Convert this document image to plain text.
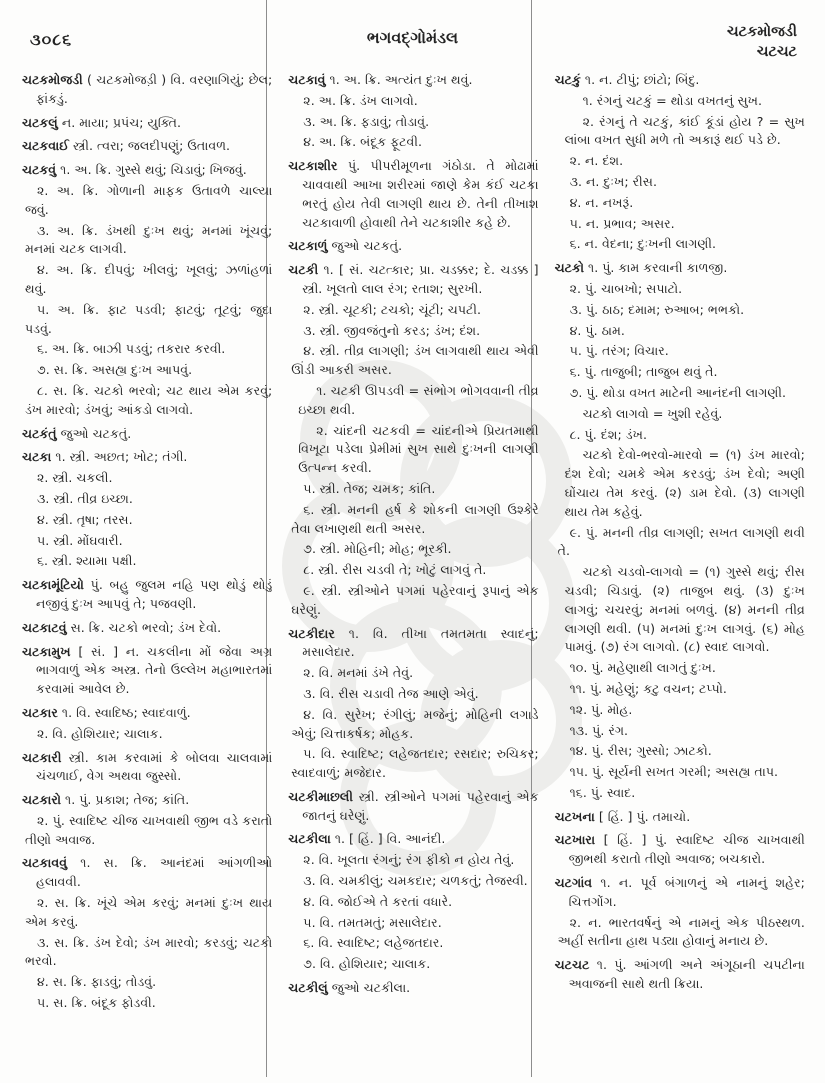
૩૦૮૬	ભગવદ્ગોમંડલ	ચટકમોજડી
ચટચટ

ચટકમોજડી ( ચટકમોજડ઼ી ) વિ. વરણાગિયું; છેલ; ફાંકડું.

ચટકલું ન. માયા; પ્રપંચ; યુક્તિ.

ચટકવાઈ સ્ત્રી. ત્વરા; જલદીપણું; ઉતાવળ.

ચટકવું ૧. અ. ક્રિ. ગુસ્સે થવું; ચિડાવું; ખિજવું.

૨. અ. ક્રિ. ગોળાની માફક ઉતાવળે ચાલ્યા જવું.

૩. અ. ક્રિ. ડંખથી દુઃખ થવું; મનમાં ખૂંચવું; મનમાં ચટક લાગવી.

૪. અ. ક્રિ. દીપવું; ખીલવું; ખૂલવું; ઝળાંહળાં થવું.

૫. અ. ક્રિ. ફાટ પડવી; ફાટવું; તૂટવું; જુદા પડવું.

૬. અ. ક્રિ. બાઝી પડવું; તકરાર કરવી.

૭. સ. ક્રિ. અસહ્ય દુઃખ આપવું.

૮. સ. ક્રિ. ચટકો ભરવો; ચટ થાય એમ કરવું; ડંખ મારવો; ડંખવું; આંકડો લાગવો.

ચટકંતું જુઓ ચટકતું.

ચટકા ૧. સ્ત્રી. અછત; ખોટ; તંગી.

૨. સ્ત્રી. ચકલી.

૩. સ્ત્રી. તીવ્ર ઇચ્છા.

૪. સ્ત્રી. તૃષા; તરસ.

૫. સ્ત્રી. મોંઘવારી.

૬. સ્ત્રી. શ્યામા પક્ષી.

ચટકામૂંટિયો પું. બહુ જુલમ નહિ પણ થોડું થોડું નજીવું દુઃખ આપવું તે; પજવણી.

ચટકાટવું સ. ક્રિ. ચટકો ભરવો; ડંખ દેવો.

ચટકામુખ [ સં. ] ન. ચકલીના મોં જેવા અગ્ર ભાગવાળું એક અસ્ત્ર. તેનો ઉલ્લેખ મહાભારતમાં કરવામાં આવેલ છે.

ચટકાર ૧. વિ. સ્વાદિષ્ઠ; સ્વાદવાળું.

૨. વિ. હોશિયાર; ચાલાક.

ચટકારી સ્ત્રી. કામ કરવામાં કે બોલવા ચાલવામાં ચંચળાઈ, વેગ અથવા જુસ્સો.

ચટકારો ૧. પું. પ્રકાશ; તેજ; કાંતિ.

૨. પું. સ્વાદિષ્ટ ચીજ ચાખવાથી જીભ વડે કરાતો તીણો અવાજ.

ચટકાવવું ૧. સ. ક્રિ. આનંદમાં આંગળીઓ હલાવવી.

૨. સ. ક્રિ. ખૂંચે એમ કરવું; મનમાં દુઃખ થાય એમ કરવું.

૩. સ. ક્રિ. ડંખ દેવો; ડંખ મારવો; કરડવું; ચટકો ભરવો.

૪. સ. ક્રિ. ફાડવું; તોડવું.

૫. સ. ક્રિ. બંદૂક ફોડવી.

ચટકાવું ૧. અ. ક્રિ. અત્યંત દુઃખ થવું.

૨. અ. ક્રિ. ડંખ લાગવો.

૩. અ. ક્રિ. ફડાવું; તોડાવું.

૪. અ. ક્રિ. બંદૂક ફૂટવી.

ચટકાશીર પું. પીપરીમૂળના ગંઠોડા. તે મોઢામાં ચાવવાથી આખા શરીરમાં જાણે કેમ કંઈ ચટકા ભરતું હોય તેવી લાગણી થાય છે. તેની તીખાશ ચટકાવાળી હોવાથી તેને ચટકાશીર કહે છે.

ચટકાળું જુઓ ચટકતું.

ચટકી ૧. [ સં. ચટત્કાર; પ્રા. ચડક્કર; દે. ચડક્ક ] સ્ત્રી. ખૂલતો લાલ રંગ; રતાશ; સુરખી.

૨. સ્ત્રી. ચૂટકી; ટચકો; ચૂંટી; ચપટી.

૩. સ્ત્રી. જીવજંતુનો કરડ; ડંખ; દંશ.

૪. સ્ત્રી. તીવ્ર લાગણી; ડંખ લાગવાથી થાય એવી ઊંડી આકરી અસર.

૧. ચટકી ઊપડવી = સંભોગ ભોગવવાની તીવ્ર ઇચ્છા થવી.

૨. ચાંદની ચટકવી = ચાંદનીએ પ્રિયતમાથી વિખૂટા પડેલા પ્રેમીમાં સુખ સાથે દુઃખની લાગણી ઉત્પન્ન કરવી.

૫. સ્ત્રી. તેજ; ચમક; કાંતિ.

૬. સ્ત્રી. મનની હર્ષ કે શોકની લાગણી ઉશ્કેરે તેવા લખાણથી થતી અસર.

૭. સ્ત્રી. મોહિની; મોહ; ભૂરકી.

૮. સ્ત્રી. રીસ ચડવી તે; ખોટું લાગવું તે.

૯. સ્ત્રી. સ્ત્રીઓને પગમાં પહેરવાનું રૂપાનું એક ઘરેણું.

ચટકીદાર ૧. વિ. તીખા તમતમતા સ્વાદનું; મસાલેદાર.

૨. વિ. મનમાં ડંખે તેવું.

૩. વિ. રીસ ચડાવી તેજ આણે એવું.

૪. વિ. સુરેખ; રંગીલું; મજેનું; મોહિની લગાડે એવું; ચિત્તાકર્ષક; મોહક.

૫. વિ. સ્વાદિષ્ટ; લહેજતદાર; રસદાર; રુચિકર; સ્વાદવાળું; મજેદાર.

ચટકીમાછલી સ્ત્રી. સ્ત્રીઓને પગમાં પહેરવાનું એક જાતનું ઘરેણું.

ચટકીલા ૧. [ હિં. ] વિ. આનંદી.

૨. વિ. ખૂલતા રંગનું; રંગ ફીકો ન હોય તેવું.

૩. વિ. ચમકીલું; ચમકદાર; ચળકતું; તેજસ્વી.

૪. વિ. જોઈએ તે કરતાં વધારે.

૫. વિ. તમતમતું; મસાલેદાર.

૬. વિ. સ્વાદિષ્ટ; લહેજતદાર.

૭. વિ. હોશિયાર; ચાલાક.

ચટકીલું જુઓ ચટકીલા.

ચટકું ૧. ન. ટીપું; છાંટો; બિંદુ.

૧. રંગનું ચટકું = થોડા વખતનું સુખ.

૨. રંગનું તે ચટકું, કાંઈ કૂંડાં હોય ? = સુખ લાંબા વખત સુધી મળે તો અકારૂં થઈ પડે છે.

૨. ન. દંશ.

૩. ન. દુઃખ; રીસ.

૪. ન. નખરૂં.

૫. ન. પ્રભાવ; અસર.

૬. ન. વેદના; દુઃખની લાગણી.

ચટકો ૧. પું. કામ કરવાની કાળજી.

૨. પું. ચાબખો; સપાટો.

૩. પું. ઠાઠ; દમામ; રુઆબ; ભભકો.

૪. પું. ઠામ.

૫. પું. તરંગ; વિચાર.

૬. પું. તાજુબી; તાજુબ થવું તે.

૭. પું. થોડા વખત માટેની આનંદની લાગણી.

ચટકો લાગવો = ખુશી રહેવું.

૮. પું. દંશ; ડંખ.

ચટકો દેવો-ભરવો-મારવો = (૧) ડંખ મારવો; દંશ દેવો; ચમકે એમ કરડવું; ડંખ દેવો; અણી ઘોંચાય તેમ કરવું. (૨) ડામ દેવો. (૩) લાગણી થાય તેમ કહેવું.

૯. પું. મનની તીવ્ર લાગણી; સખત લાગણી થવી તે.

ચટકો ચડવો-લાગવો = (૧) ગુસ્સે થવું; રીસ ચડવી; ચિડાવું. (૨) તાજુબ થવું. (૩) દુઃખ લાગવું; ચચરવું; મનમાં બળવું. (૪) મનની તીવ્ર લાગણી થવી. (૫) મનમાં દુઃખ લાગવું. (૬) મોહ પામવું. (૭) રંગ લાગવો. (૮) સ્વાદ લાગવો.

૧૦. પું. મહેણાથી લાગતું દુઃખ.

૧૧. પું. મહેણું; કટુ વચન; ટપ્પો.

૧૨. પું. મોહ.

૧૩. પું. રંગ.

૧૪. પું. રીસ; ગુસ્સો; ઝાટકો.

૧૫. પું. સૂર્યની સખત ગરમી; અસહ્ય તાપ.

૧૬. પું. સ્વાદ.

ચટખના [ હિં. ] પું. તમાચો.

ચટખારા [ હિં. ] પું. સ્વાદિષ્ટ ચીજ ચાખવાથી જીભથી કરાતો તીણો અવાજ; બચકારો.

ચટગાંવ ૧. ન. પૂર્વ બંગાળનું એ નામનું શહેર; ચિત્તગોંગ.

૨. ન. ભારતવર્ષનું એ નામનું એક પીઠસ્થળ. અહીં સતીના હાથ પડ્યા હોવાનું મનાય છે.

ચટચટ ૧. પું. આંગળી અને અંગૂઠાની ચપટીના અવાજની સાથે થતી ક્રિયા.
